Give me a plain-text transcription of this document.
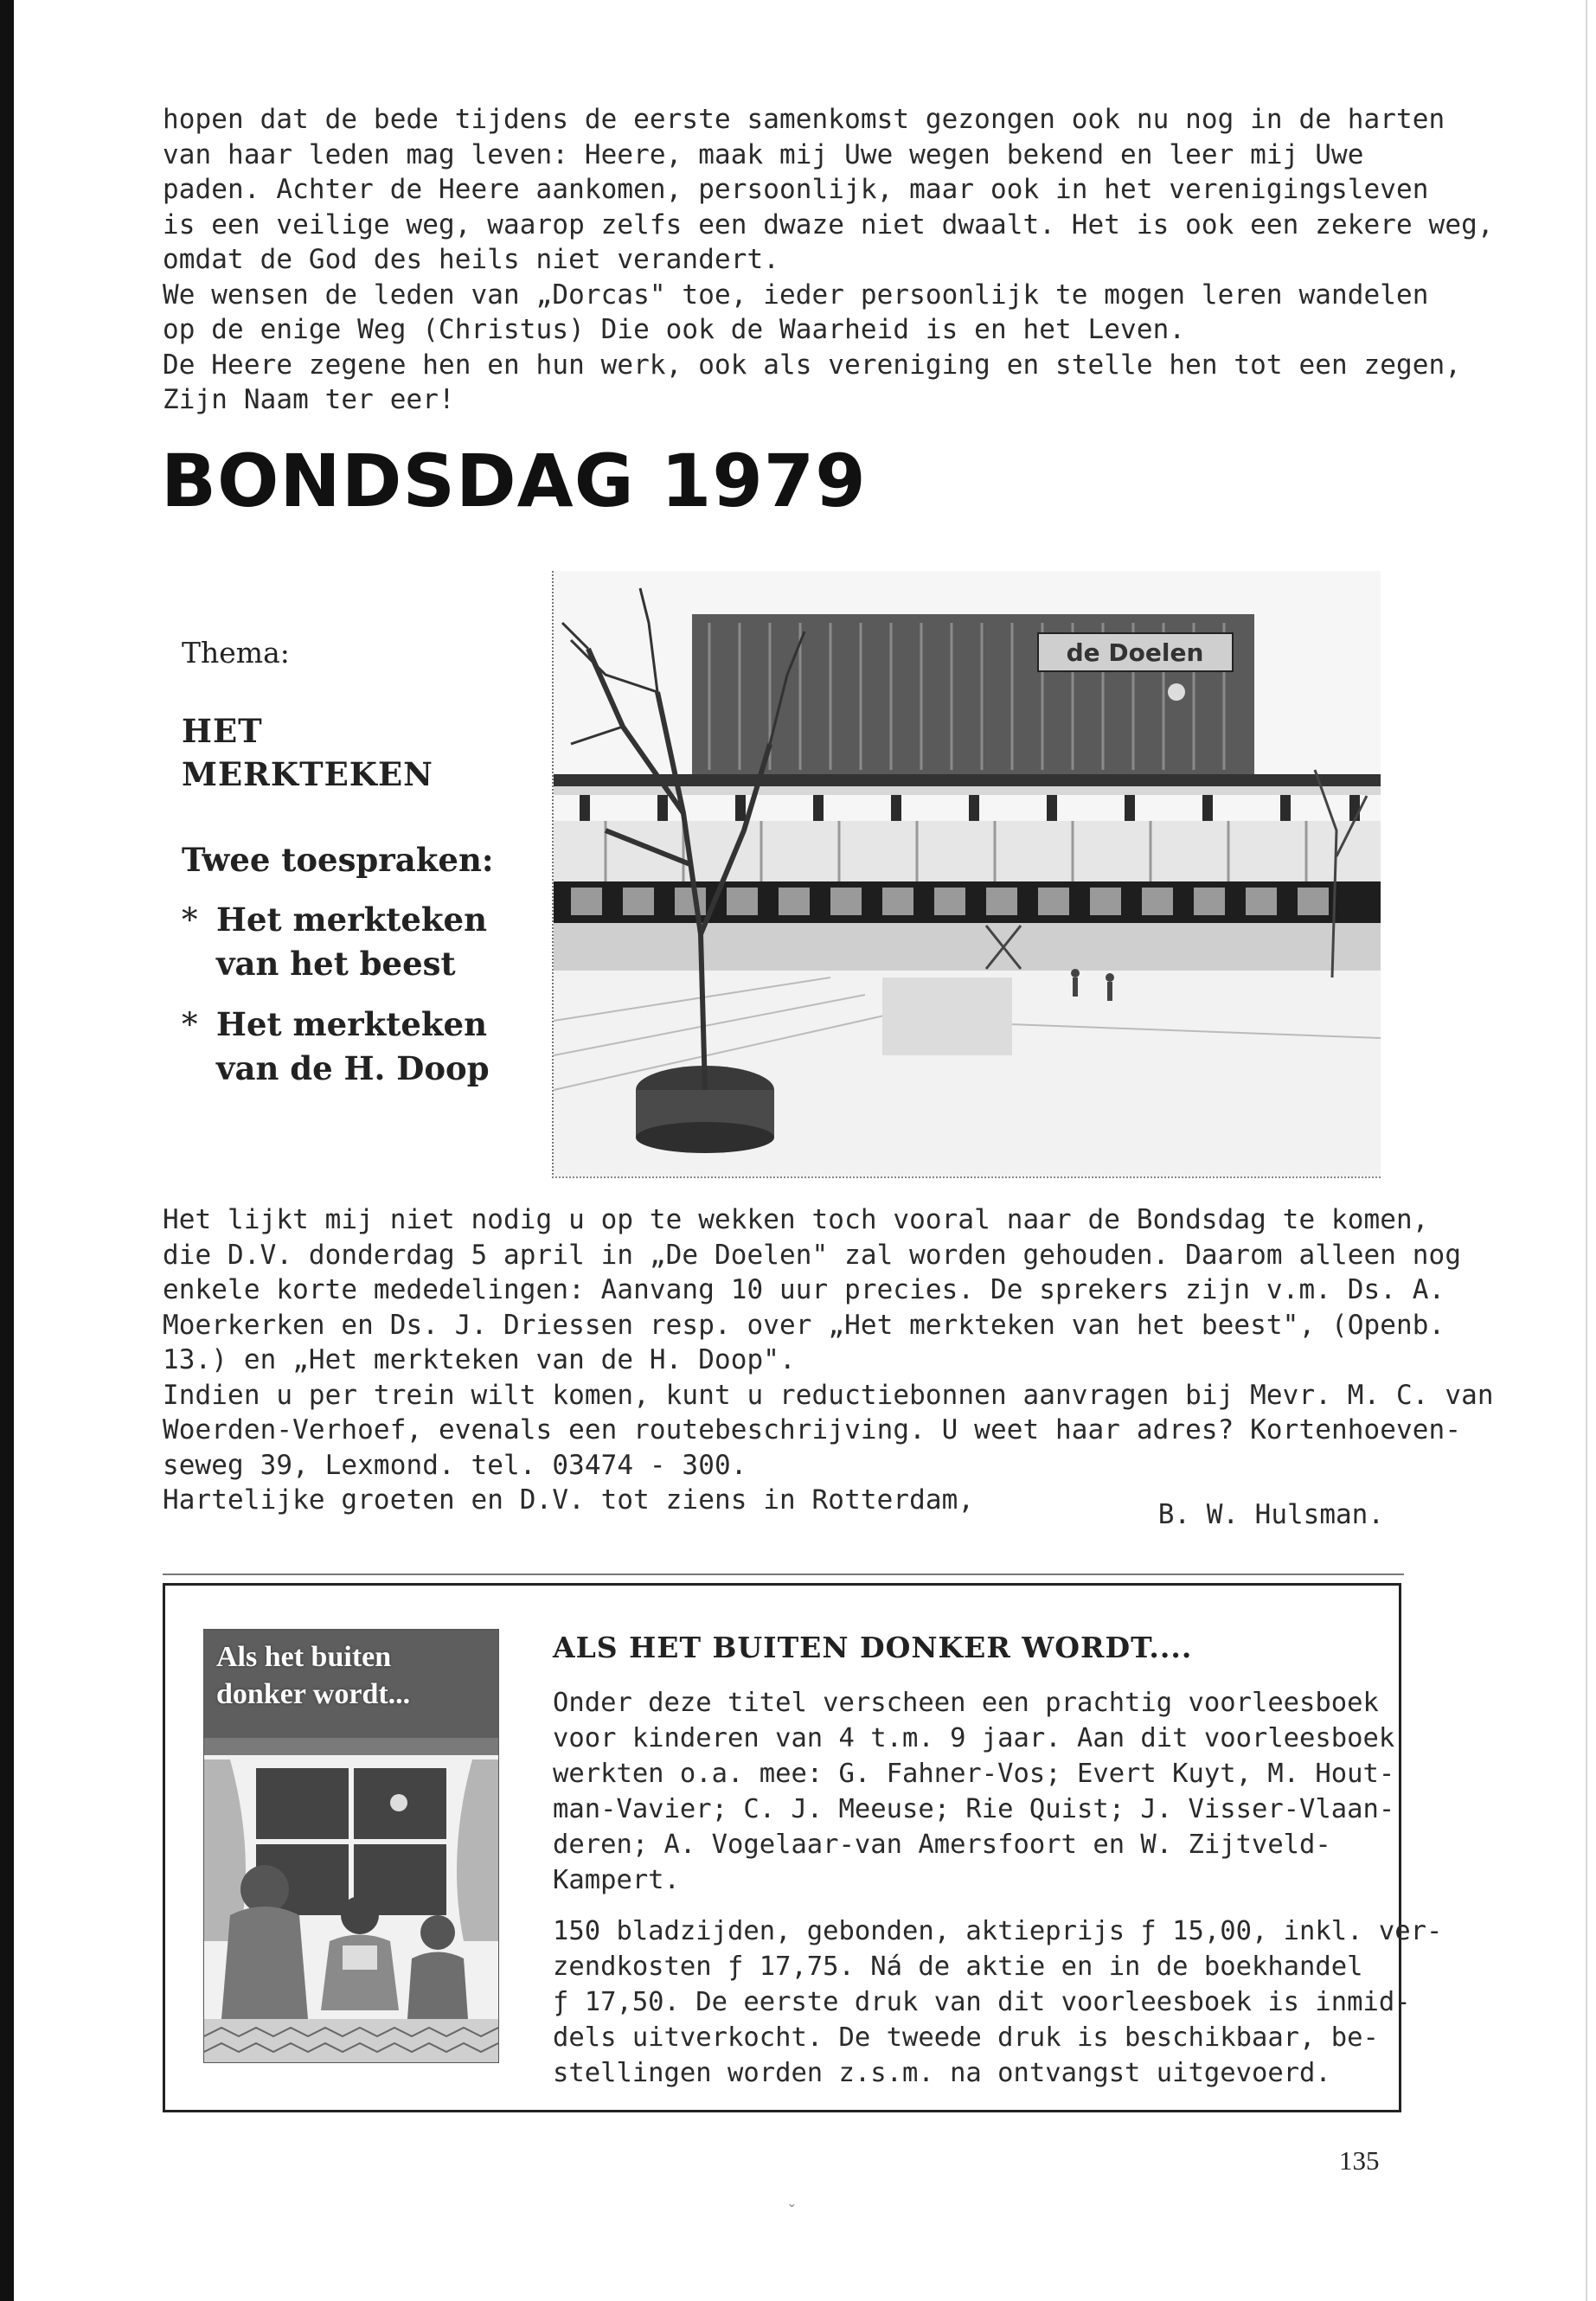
hopen dat de bede tijdens de eerste samenkomst gezongen ook nu nog in de harten
van haar leden mag leven: Heere, maak mij Uwe wegen bekend en leer mij Uwe
paden. Achter de Heere aankomen, persoonlijk, maar ook in het verenigingsleven
is een veilige weg, waarop zelfs een dwaze niet dwaalt. Het is ook een zekere weg,
omdat de God des heils niet verandert.
We wensen de leden van „Dorcas" toe, ieder persoonlijk te mogen leren wandelen
op de enige Weg (Christus) Die ook de Waarheid is en het Leven.
De Heere zegene hen en hun werk, ook als vereniging en stelle hen tot een zegen,
Zijn Naam ter eer!
BONDSDAG 1979

Thema:

HET
MERKTEKEN

Twee toespraken:

* Het merkteken
van het beest

* Het merkteken
van de H. Doop

de Doelen
Het lijkt mij niet nodig u op te wekken toch vooral naar de Bondsdag te komen,
die D.V. donderdag 5 april in „De Doelen" zal worden gehouden. Daarom alleen nog
enkele korte mededelingen: Aanvang 10 uur precies. De sprekers zijn v.m. Ds. A.
Moerkerken en Ds. J. Driessen resp. over „Het merkteken van het beest", (Openb.
13.) en „Het merkteken van de H. Doop".
Indien u per trein wilt komen, kunt u reductiebonnen aanvragen bij Mevr. M. C. van
Woerden-Verhoef, evenals een routebeschrijving. U weet haar adres? Kortenhoeven-
seweg 39, Lexmond. tel. 03474 - 300.
Hartelijke groeten en D.V. tot ziens in Rotterdam,	B. W. Hulsman.
Als het buiten
donker wordt...

ALS HET BUITEN DONKER WORDT....

Onder deze titel verscheen een prachtig voorleesboek
voor kinderen van 4 t.m. 9 jaar. Aan dit voorleesboek
werkten o.a. mee: G. Fahner-Vos; Evert Kuyt, M. Hout-
man-Vavier; C. J. Meeuse; Rie Quist; J. Visser-Vlaan-
deren; A. Vogelaar-van Amersfoort en W. Zijtveld-
Kampert.

150 bladzijden, gebonden, aktieprijs ƒ 15,00, inkl. ver-
zendkosten ƒ 17,75. Ná de aktie en in de boekhandel
ƒ 17,50. De eerste druk van dit voorleesboek is inmid-
dels uitverkocht. De tweede druk is beschikbaar, be-
stellingen worden z.s.m. na ontvangst uitgevoerd.

135
ˇ
